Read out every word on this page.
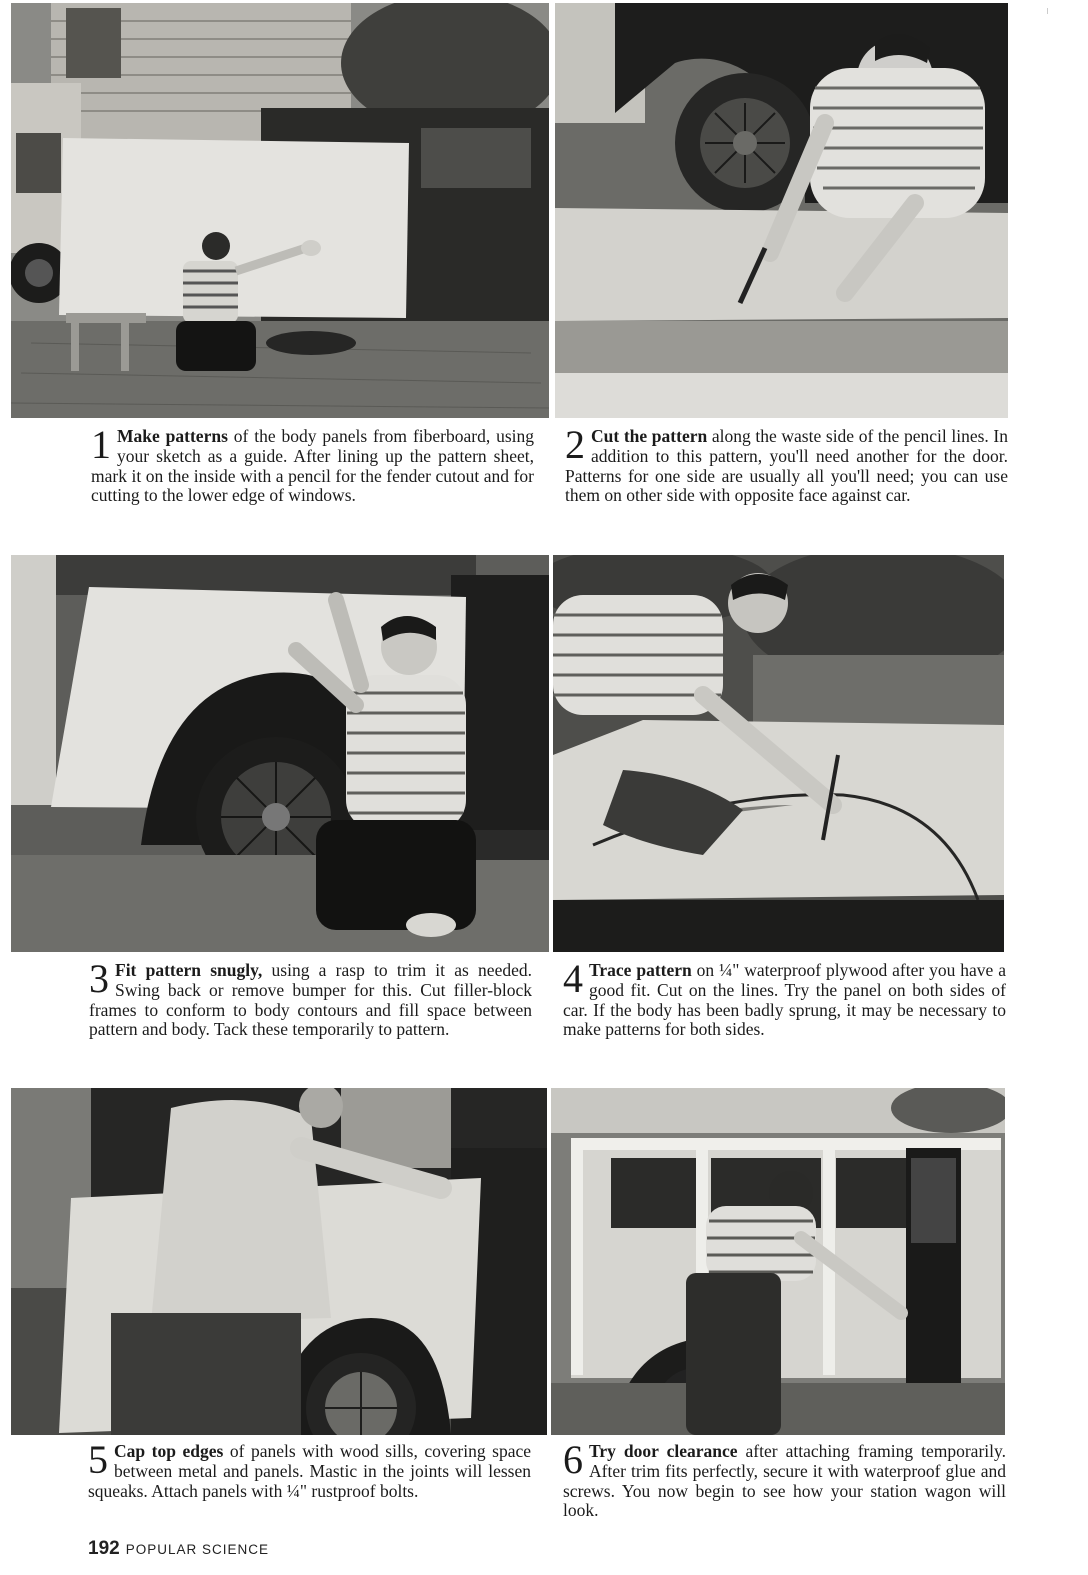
1 Make patterns of the body panels from fiberboard, using your sketch as a guide. After lining up the pattern sheet, mark it on the inside with a pencil for the fender cutout and for cutting to the lower edge of windows.
2 Cut the pattern along the waste side of the pencil lines. In addition to this pattern, you'll need another for the door. Patterns for one side are usually all you'll need; you can use them on other side with opposite face against car.
3 Fit pattern snugly, using a rasp to trim it as needed. Swing back or remove bumper for this. Cut filler-block frames to conform to body contours and fill space between pattern and body. Tack these temporarily to pattern.
4 Trace pattern on ¼" waterproof plywood after you have a good fit. Cut on the lines. Try the panel on both sides of car. If the body has been badly sprung, it may be necessary to make patterns for both sides.
5 Cap top edges of panels with wood sills, covering space between metal and panels. Mastic in the joints will lessen squeaks. Attach panels with ¼" rustproof bolts.
6 Try door clearance after attaching framing temporarily. After trim fits perfectly, secure it with waterproof glue and screws. You now begin to see how your station wagon will look.
192 POPULAR SCIENCE
